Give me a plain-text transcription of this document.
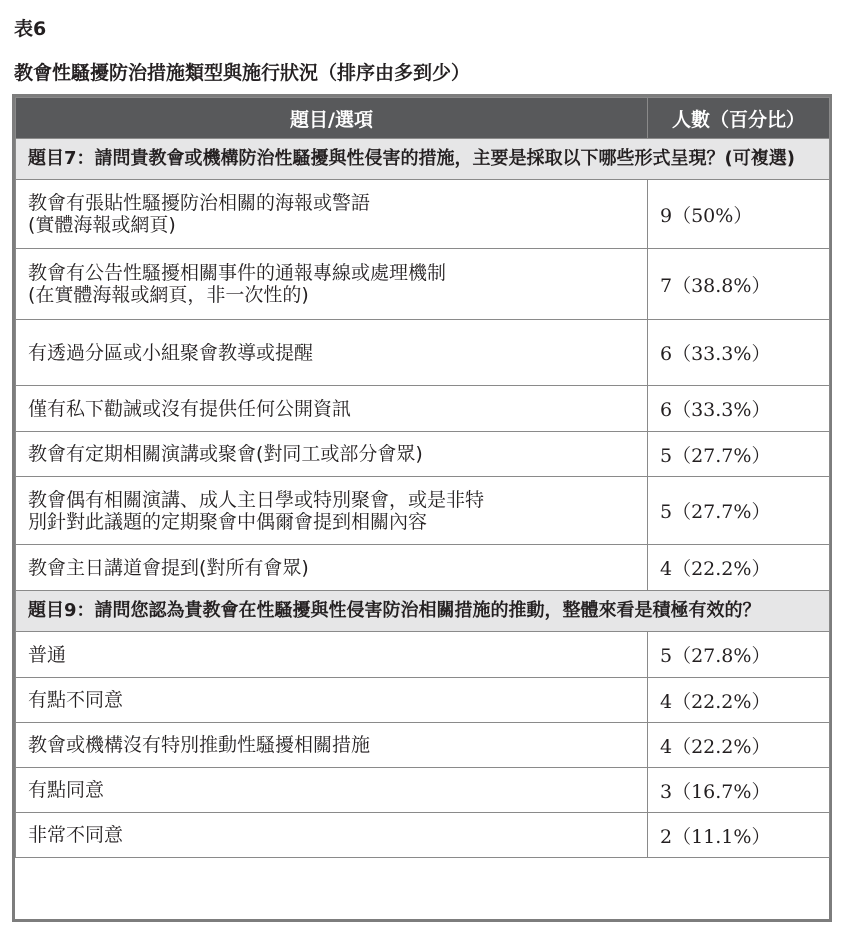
表6
教會性騷擾防治措施類型與施行狀況（排序由多到少）
題目/選項	人數（百分比）
題目7：請問貴教會或機構防治性騷擾與性侵害的措施，主要是採取以下哪些形式呈現？(可複選)	

教會有張貼性騷擾防治相關的海報或警語
(實體海報或網頁)	9（50%）

教會有公告性騷擾相關事件的通報專線或處理機制
(在實體海報或網頁，非一次性的)	7（38.8%）

有透過分區或小組聚會教導或提醒	6（33.3%）

僅有私下勸誡或沒有提供任何公開資訊	6（33.3%）

教會有定期相關演講或聚會(對同工或部分會眾)	5（27.7%）

教會偶有相關演講、成人主日學或特別聚會，或是非特
別針對此議題的定期聚會中偶爾會提到相關內容	5（27.7%）

教會主日講道會提到(對所有會眾)	4（22.2%）
題目9：請問您認為貴教會在性騷擾與性侵害防治相關措施的推動，整體來看是積極有效的？	

普通	5（27.8%）

有點不同意	4（22.2%）

教會或機構沒有特別推動性騷擾相關措施	4（22.2%）

有點同意	3（16.7%）

非常不同意	2（11.1%）
